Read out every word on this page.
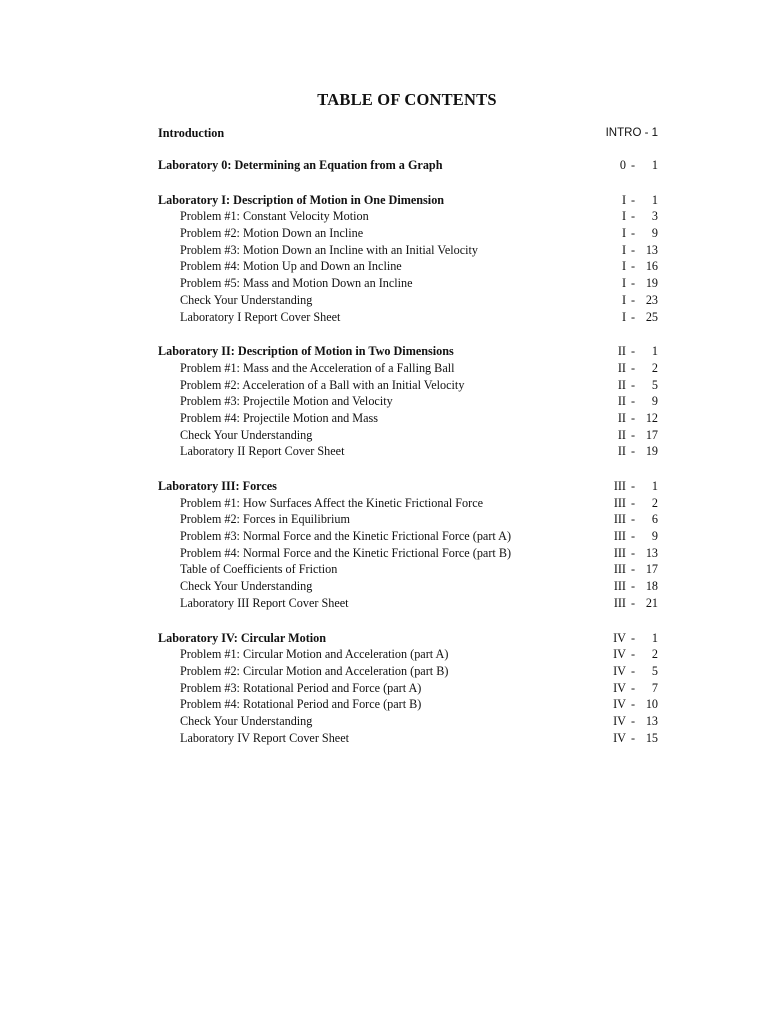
TABLE OF CONTENTS
Introduction	INTRO - 1
Laboratory 0: Determining an Equation from a Graph	0 -	1
Laboratory I: Description of Motion in One Dimension	I -	1
Problem #1: Constant Velocity Motion	I -	3
Problem #2: Motion Down an Incline	I -	9
Problem #3: Motion Down an Incline with an Initial Velocity	I - 13
Problem #4: Motion Up and Down an Incline	I - 16
Problem #5: Mass and Motion Down an Incline	I - 19
Check Your Understanding	I - 23
Laboratory I Report Cover Sheet	I - 25
Laboratory II: Description of Motion in Two Dimensions	II -	1
Problem #1: Mass and the Acceleration of a Falling Ball	II -	2
Problem #2: Acceleration of a Ball with an Initial Velocity	II -	5
Problem #3: Projectile Motion and Velocity	II -	9
Problem #4: Projectile Motion and Mass	II - 12
Check Your Understanding	II - 17
Laboratory II Report Cover Sheet	II - 19
Laboratory III: Forces	III -	1
Problem #1: How Surfaces Affect the Kinetic Frictional Force	III -	2
Problem #2: Forces in Equilibrium	III -	6
Problem #3: Normal Force and the Kinetic Frictional Force (part A)	III -	9
Problem #4: Normal Force and the Kinetic Frictional Force (part B)	III - 13
Table of Coefficients of Friction	III - 17
Check Your Understanding	III - 18
Laboratory III Report Cover Sheet	III - 21
Laboratory IV: Circular Motion	IV -	1
Problem #1: Circular Motion and Acceleration (part A)	IV -	2
Problem #2: Circular Motion and Acceleration (part B)	IV -	5
Problem #3: Rotational Period and Force (part A)	IV -	7
Problem #4: Rotational Period and Force (part B)	IV - 10
Check Your Understanding	IV - 13
Laboratory IV Report Cover Sheet	IV - 15
